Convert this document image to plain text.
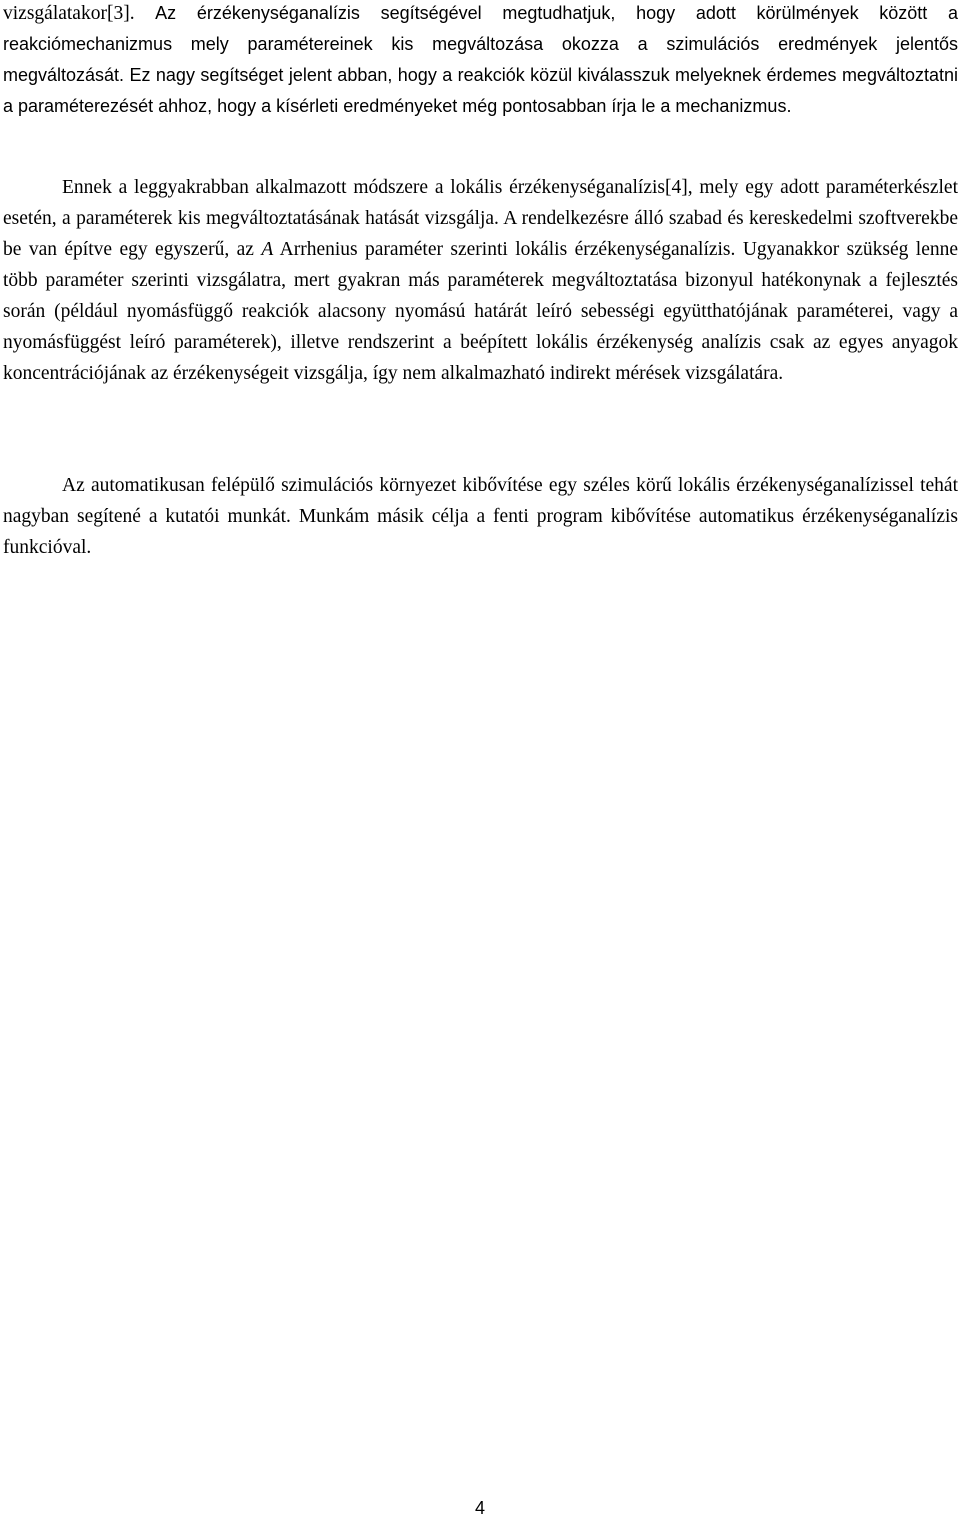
vizsgálatakor[3]. Az érzékenységanalízis segítségével megtudhatjuk, hogy adott körülmények között a reakciómechanizmus mely paramétereinek kis megváltozása okozza a szimulációs eredmények jelentős megváltozását. Ez nagy segítséget jelent abban, hogy a reakciók közül kiválasszuk melyeknek érdemes megváltoztatni a paraméterezését ahhoz, hogy a kísérleti eredményeket még pontosabban írja le a mechanizmus.

Ennek a leggyakrabban alkalmazott módszere a lokális érzékenységanalízis[4], mely egy adott paraméterkészlet esetén, a paraméterek kis megváltoztatásának hatását vizsgálja. A rendelkezésre álló szabad és kereskedelmi szoftverekbe be van építve egy egyszerű, az A Arrhenius paraméter szerinti lokális érzékenységanalízis. Ugyanakkor szükség lenne több paraméter szerinti vizsgálatra, mert gyakran más paraméterek megváltoztatása bizonyul hatékonynak a fejlesztés során (például nyomásfüggő reakciók alacsony nyomású határát leíró sebességi együtthatójának paraméterei, vagy a nyomásfüggést leíró paraméterek), illetve rendszerint a beépített lokális érzékenység analízis csak az egyes anyagok koncentrációjának az érzékenységeit vizsgálja, így nem alkalmazható indirekt mérések vizsgálatára.

Az automatikusan felépülő szimulációs környezet kibővítése egy széles körű lokális érzékenységanalízissel tehát nagyban segítené a kutatói munkát. Munkám másik célja a fenti program kibővítése automatikus érzékenységanalízis funkcióval.

4
